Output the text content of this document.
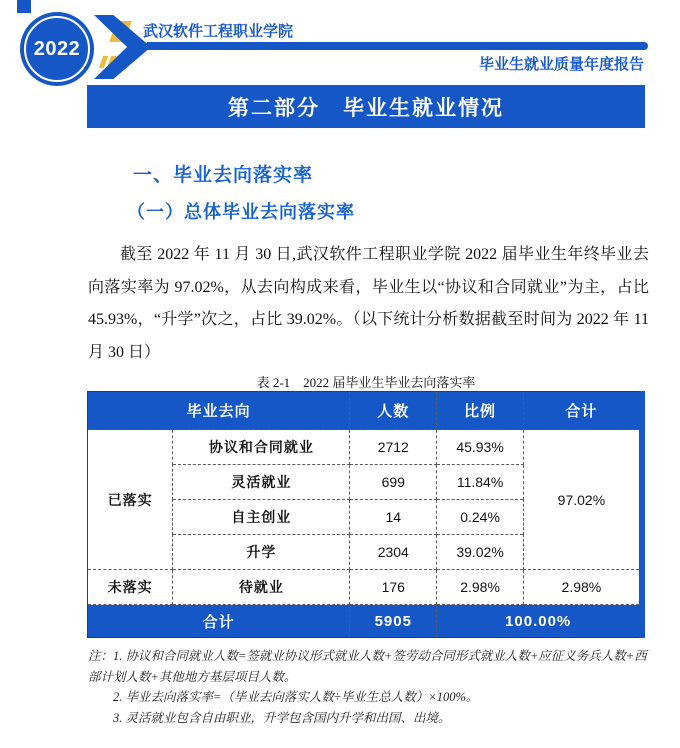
2022
武汉软件工程职业学院
毕业生就业质量年度报告
第二部分　毕业生就业情况
一、毕业去向落实率
（一）总体毕业去向落实率

截至 2022 年 11 月 30 日,武汉软件工程职业学院 2022 届毕业生年终毕业去向落实率为 97.02%，从去向构成来看，毕业生以“协议和合同就业”为主，占比 45.93%，“升学”次之，占比 39.02%。（以下统计分析数据截至时间为 2022 年 11 月 30 日）

表 2-1　2022 届毕业生毕业去向落实率
毕业去向		人数	比例	合计
已落实	协议和合同就业	2712	45.93%	97.02%
	灵活就业	699	11.84%	
	自主创业	14	0.24%	
	升学	2304	39.02%	
未落实	待就业	176	2.98%	2.98%
合计		5905	100.00%	
注：1. 协议和合同就业人数=签就业协议形式就业人数+签劳动合同形式就业人数+应征义务兵人数+西部计划人数+其他地方基层项目人数。
2. 毕业去向落实率=（毕业去向落实人数÷毕业生总人数）×100%。
3. 灵活就业包含自由职业，升学包含国内升学和出国、出境。
